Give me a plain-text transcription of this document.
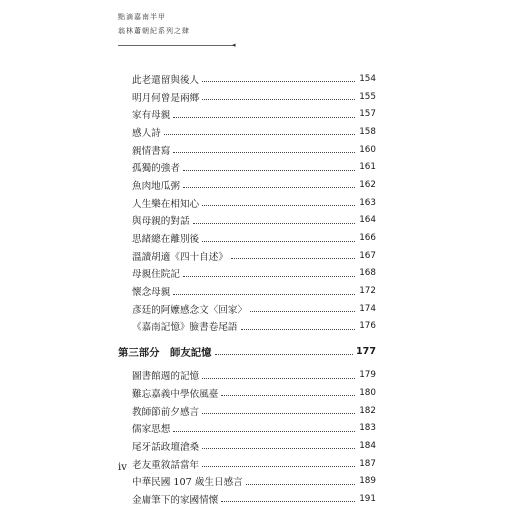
點滴嘉南半甲
翁林蕭朝紀系列之肆
◂
此老還留與後人	154
明月何曾是兩鄉	155
家有母親	157
感人詩	158
親情書寫	160
孤獨的強者	161
魚肉地瓜粥	162
人生樂在相知心	163
與母親的對話	164
思緒總在離別後	166
溫讀胡適《四十自述》	167
母親住院記	168
懷念母親	172
彥廷的阿嬤感念文〈回家〉	174
《嘉南記憶》臉書卷尾語	176
第三部分　師友記憶	177
圖書館週的記憶	179
難忘嘉義中學依風臺	180
教師節前夕感言	182
儒家思想	183
尾牙話政壇滄桑	184
老友重敘話當年	187
中華民國 107 歲生日感言	189
金庸筆下的家國情懷	191
iv
